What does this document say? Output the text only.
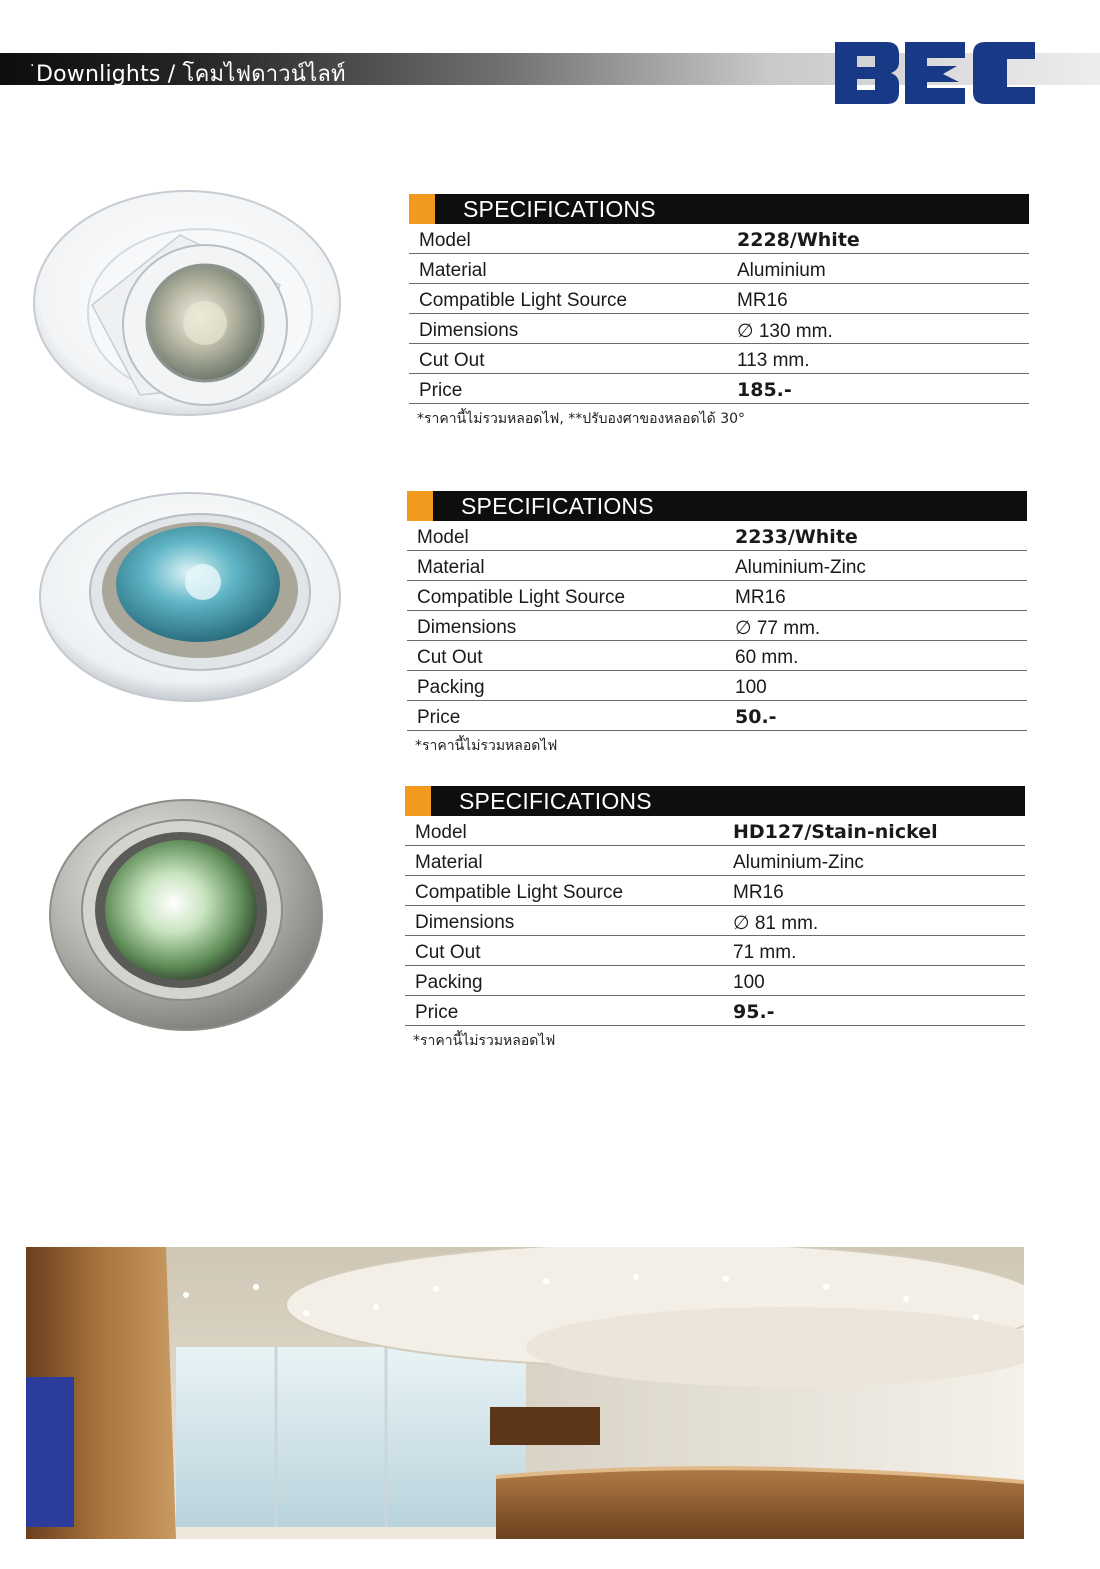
· Downlights / โคมไฟดาวน์ไลท์
SPECIFICATIONS
Model	2228/White
Material	Aluminium
Compatible Light Source	MR16
Dimensions	∅ 130 mm.
Cut Out	113 mm.
Price	185.-
*ราคานี้ไม่รวมหลอดไฟ, **ปรับองศาของหลอดได้ 30°
SPECIFICATIONS
Model	2233/White
Material	Aluminium-Zinc
Compatible Light Source	MR16
Dimensions	∅ 77 mm.
Cut Out	60 mm.
Packing	100
Price	50.-
*ราคานี้ไม่รวมหลอดไฟ
SPECIFICATIONS
Model	HD127/Stain-nickel
Material	Aluminium-Zinc
Compatible Light Source	MR16
Dimensions	∅ 81 mm.
Cut Out	71 mm.
Packing	100
Price	95.-
*ราคานี้ไม่รวมหลอดไฟ
